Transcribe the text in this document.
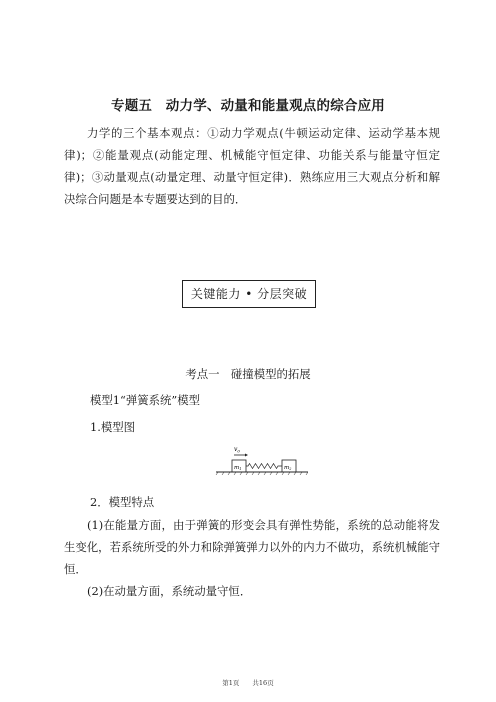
专题五　动力学、动量和能量观点的综合应用

力学的三个基本观点：①动力学观点(牛顿运动定律、运动学基本规律)；②能量观点(动能定理、机械能守恒定律、功能关系与能量守恒定律)；③动量观点(动量定理、动量守恒定律)．熟练应用三大观点分析和解决综合问题是本专题要达到的目的．

关键能力 • 分层突破
考点一　碰撞模型的拓展
模型1“弹簧系统”模型
1.模型图
$v_0$
m1	m2
2．模型特点

(1)在能量方面，由于弹簧的形变会具有弹性势能，系统的总动能将发生变化，若系统所受的外力和除弹簧弹力以外的内力不做功，系统机械能守恒．

(2)在动量方面，系统动量守恒．

第1页　　共16页
